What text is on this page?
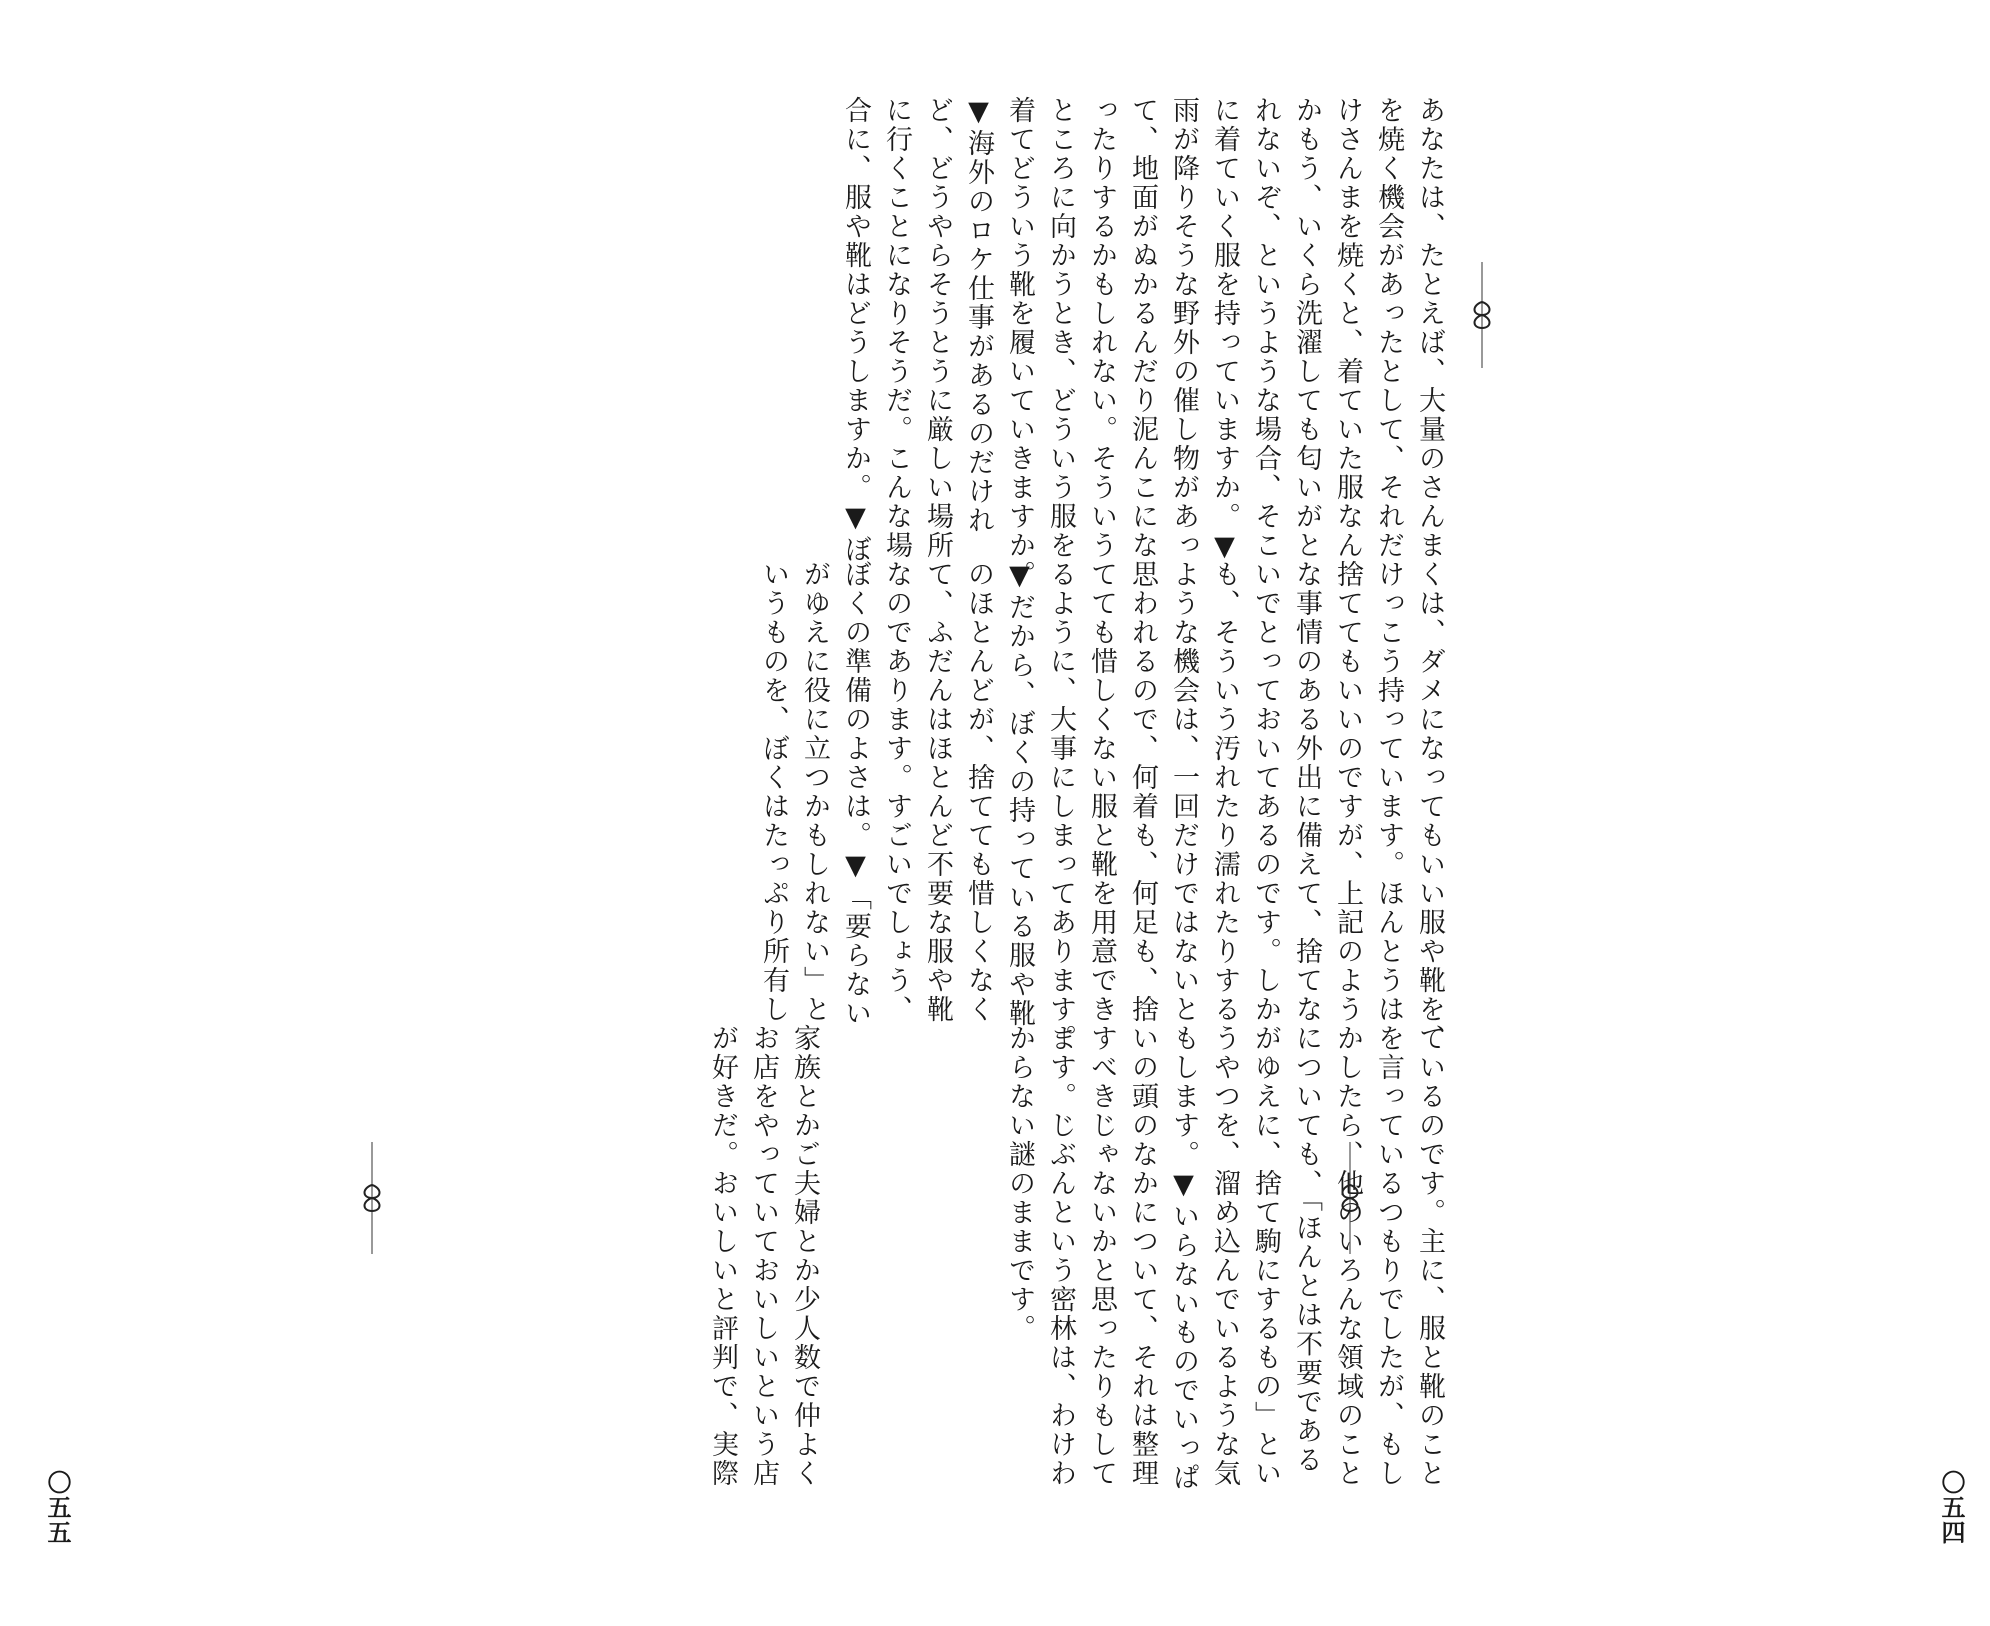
あなたは、たとえば、大量のさんま
を焼く機会があったとして、それだ
けさんまを焼くと、着ていた服なん
かもう、いくら洗濯しても匂いがと
れないぞ、というような場合、そこ
に着ていく服を持っていますか。▼
雨が降りそうな野外の催し物があっ
て、地面がぬかるんだり泥んこにな
ったりするかもしれない。そういう
ところに向かうとき、どういう服を
着てどういう靴を履いていきますか。
▼海外のロケ仕事があるのだけれ
ど、どうやらそうとうに厳しい場所
に行くことになりそうだ。こんな場
合に、服や靴はどうしますか。▼ぼ
くは、ダメになってもいい服や靴を、
けっこう持っています。ほんとうは
捨ててもいいのですが、上記のよう
な事情のある外出に備えて、捨てな
いでとっておいてあるのです。しか
も、そういう汚れたり濡れたりする
ような機会は、一回だけではないと
思われるので、何着も、何足も、捨
てても惜しくない服と靴を用意でき
るように、大事にしまってあります。
▼だから、ぼくの持っている服や靴
のほとんどが、捨てても惜しくなく
て、ふだんはほとんど不要な服や靴
なのであります。すごいでしょう、
ぼくの準備のよさは。▼「要らない
がゆえに役に立つかもしれない」と
いうものを、ぼくはたっぷり所有し
ているのです。主に、服と靴のこと
を言っているつもりでしたが、もし
かしたら、他のいろんな領域のこと
についても、「ほんとは不要である
がゆえに、捨て駒にするもの」とい
うやつを、溜め込んでいるような気
もします。▼いらないものでいっぱ
いの頭のなかについて、それは整理
すべきじゃないかと思ったりもして
ます。じぶんという密林は、わけわ
からない謎のままです。
家族とかご夫婦とか少人数で仲よく
お店をやっていておいしいという店
が好きだ。おいしいと評判で、実際
〇五四
〇五五
